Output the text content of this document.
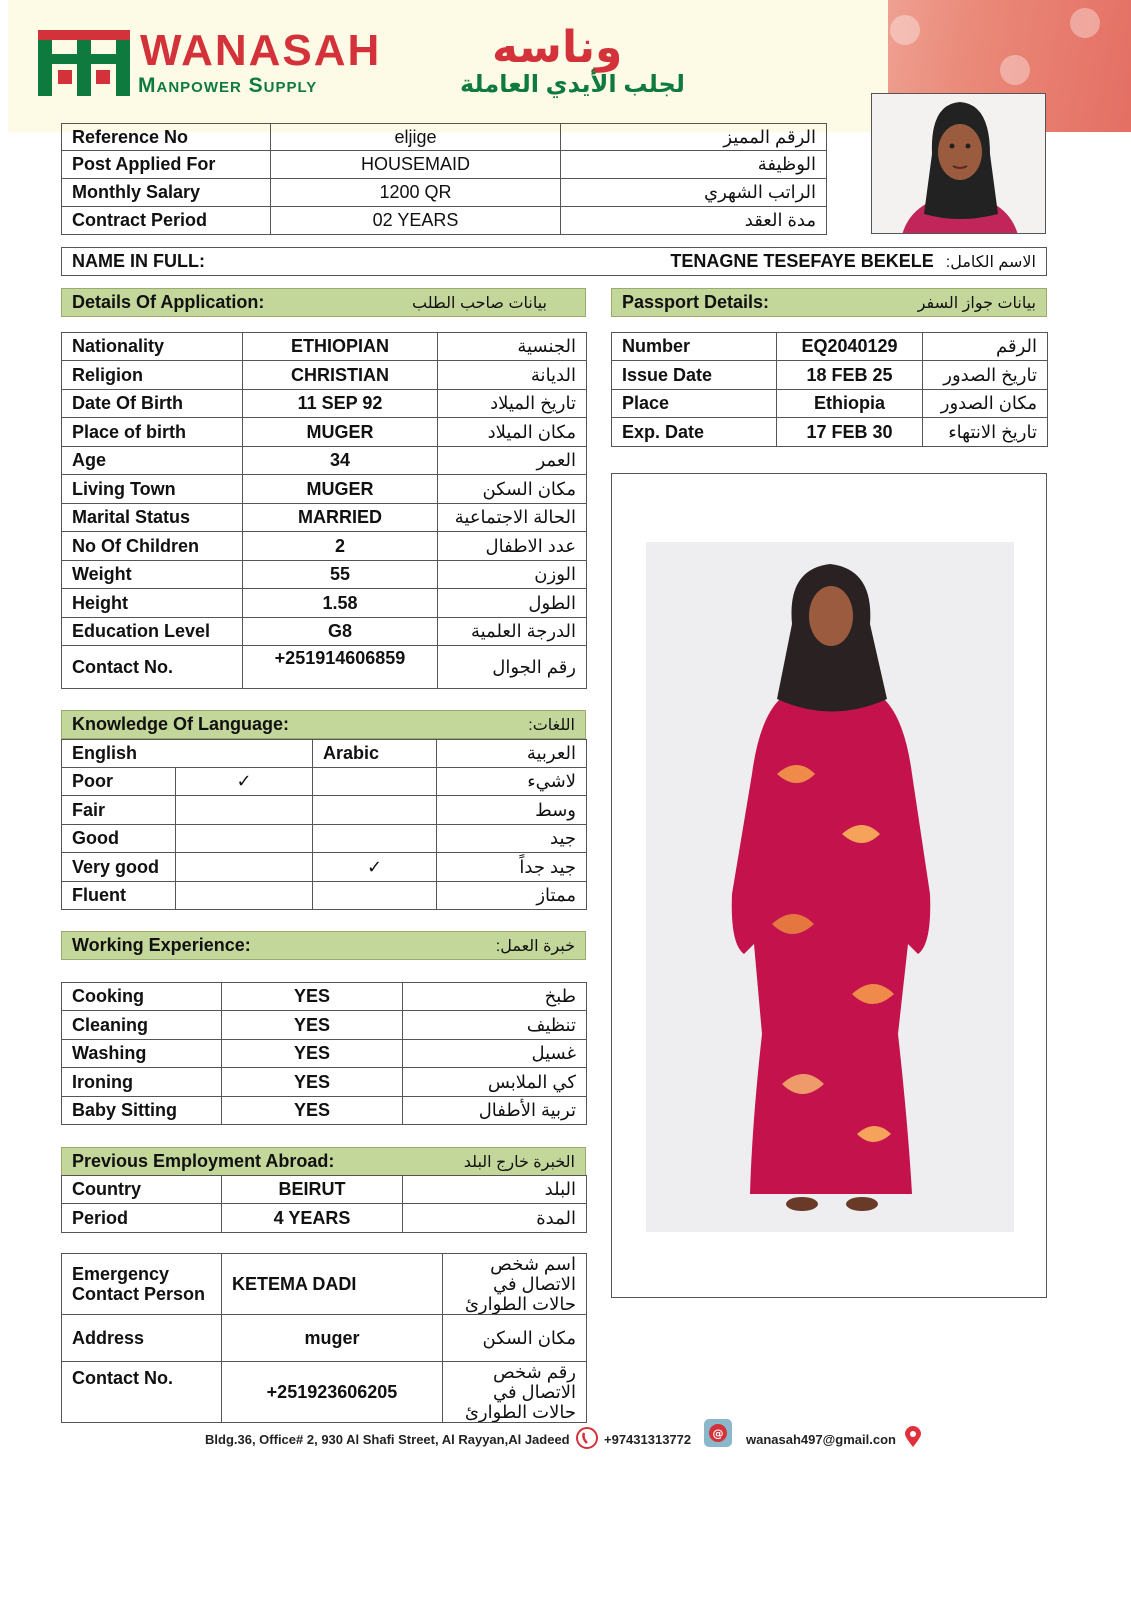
WANASAH	وناسه
Manpower Supply	لجلب الأيدي العاملة
Reference No	eljige	الرقم المميز
Post Applied For	HOUSEMAID	الوظيفة
Monthly Salary	1200 QR	الراتب الشهري
Contract Period	02 YEARS	مدة العقد
NAME IN FULL:	TENAGNE TESEFAYE BEKELE الاسم الكامل:
Details Of Application:	بيانات صاحب الطلب	Passport Details:	بيانات جواز السفر
Nationality	ETHIOPIAN	الجنسية
Religion	CHRISTIAN	الديانة
Date Of Birth	11 SEP 92	تاريخ الميلاد
Place of birth	MUGER	مكان الميلاد
Age	34	العمر
Living Town	MUGER	مكان السكن
Marital Status	MARRIED	الحالة الاجتماعية
No Of Children	2	عدد الاطفال
Weight	55	الوزن
Height	1.58	الطول
Education Level	G8	الدرجة العلمية
Contact No.	+251914606859	رقم الجوال
Number	EQ2040129	الرقم
Issue Date	18 FEB 25	تاريخ الصدور
Place	Ethiopia	مكان الصدور
Exp. Date	17 FEB 30	تاريخ الانتهاء
Knowledge Of Language:	اللغات:
English		Arabic	العربية
Poor	✓		لاشيء
Fair			وسط
Good			جيد
Very good		✓	جيد جداً
Fluent			ممتاز
Working Experience:	خبرة العمل:
Cooking	YES	طبخ
Cleaning	YES	تنظيف
Washing	YES	غسيل
Ironing	YES	كي الملابس
Baby Sitting	YES	تربية الأطفال
Previous Employment Abroad:	الخبرة خارج البلد
Country	BEIRUT	البلد
Period	4 YEARS	المدة
Emergency Contact Person	KETEMA DADI	اسم شخص الاتصال في حالات الطوارئ
Address	muger	مكان السكن
Contact No.	+251923606205	رقم شخص الاتصال في حالات الطوارئ
Bldg.36, Office# 2, 930 Al Shafi Street, Al Rayyan,Al Jadeed	+97431313772 @ wanasah497@gmail.con
